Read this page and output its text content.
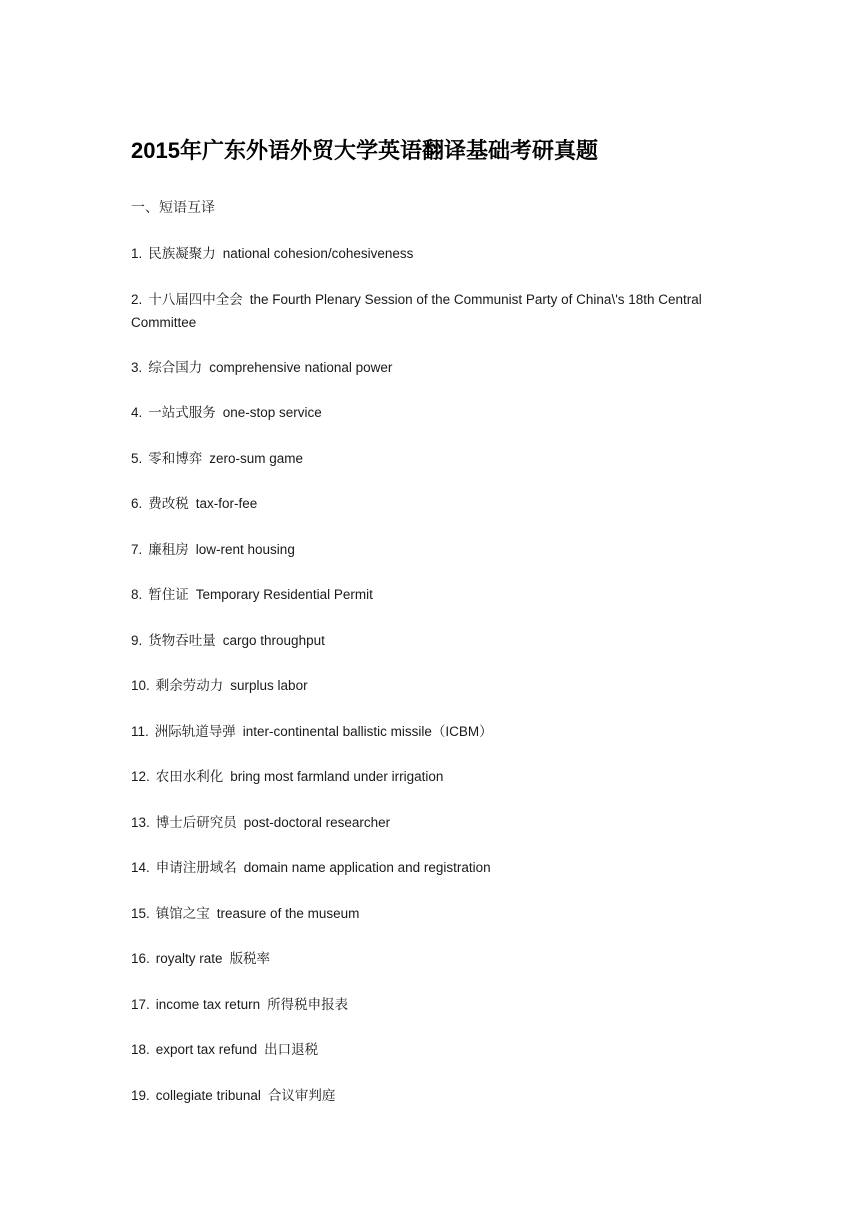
2015年广东外语外贸大学英语翻译基础考研真题
一、短语互译
1. 民族凝聚力 national cohesion/cohesiveness
2. 十八届四中全会 the Fourth Plenary Session of the Communist Party of China\'s 18th Central Committee
3. 综合国力 comprehensive national power
4. 一站式服务 one-stop service
5. 零和博弈 zero-sum game
6. 费改税 tax-for-fee
7. 廉租房 low-rent housing
8. 暂住证 Temporary Residential Permit
9. 货物吞吐量 cargo throughput
10. 剩余劳动力 surplus labor
11. 洲际轨道导弹 inter-continental ballistic missile（ICBM）
12. 农田水利化 bring most farmland under irrigation
13. 博士后研究员 post-doctoral researcher
14. 申请注册域名 domain name application and registration
15. 镇馆之宝 treasure of the museum
16. royalty rate 版税率
17. income tax return 所得税申报表
18. export tax refund 出口退税
19. collegiate tribunal 合议审判庭
